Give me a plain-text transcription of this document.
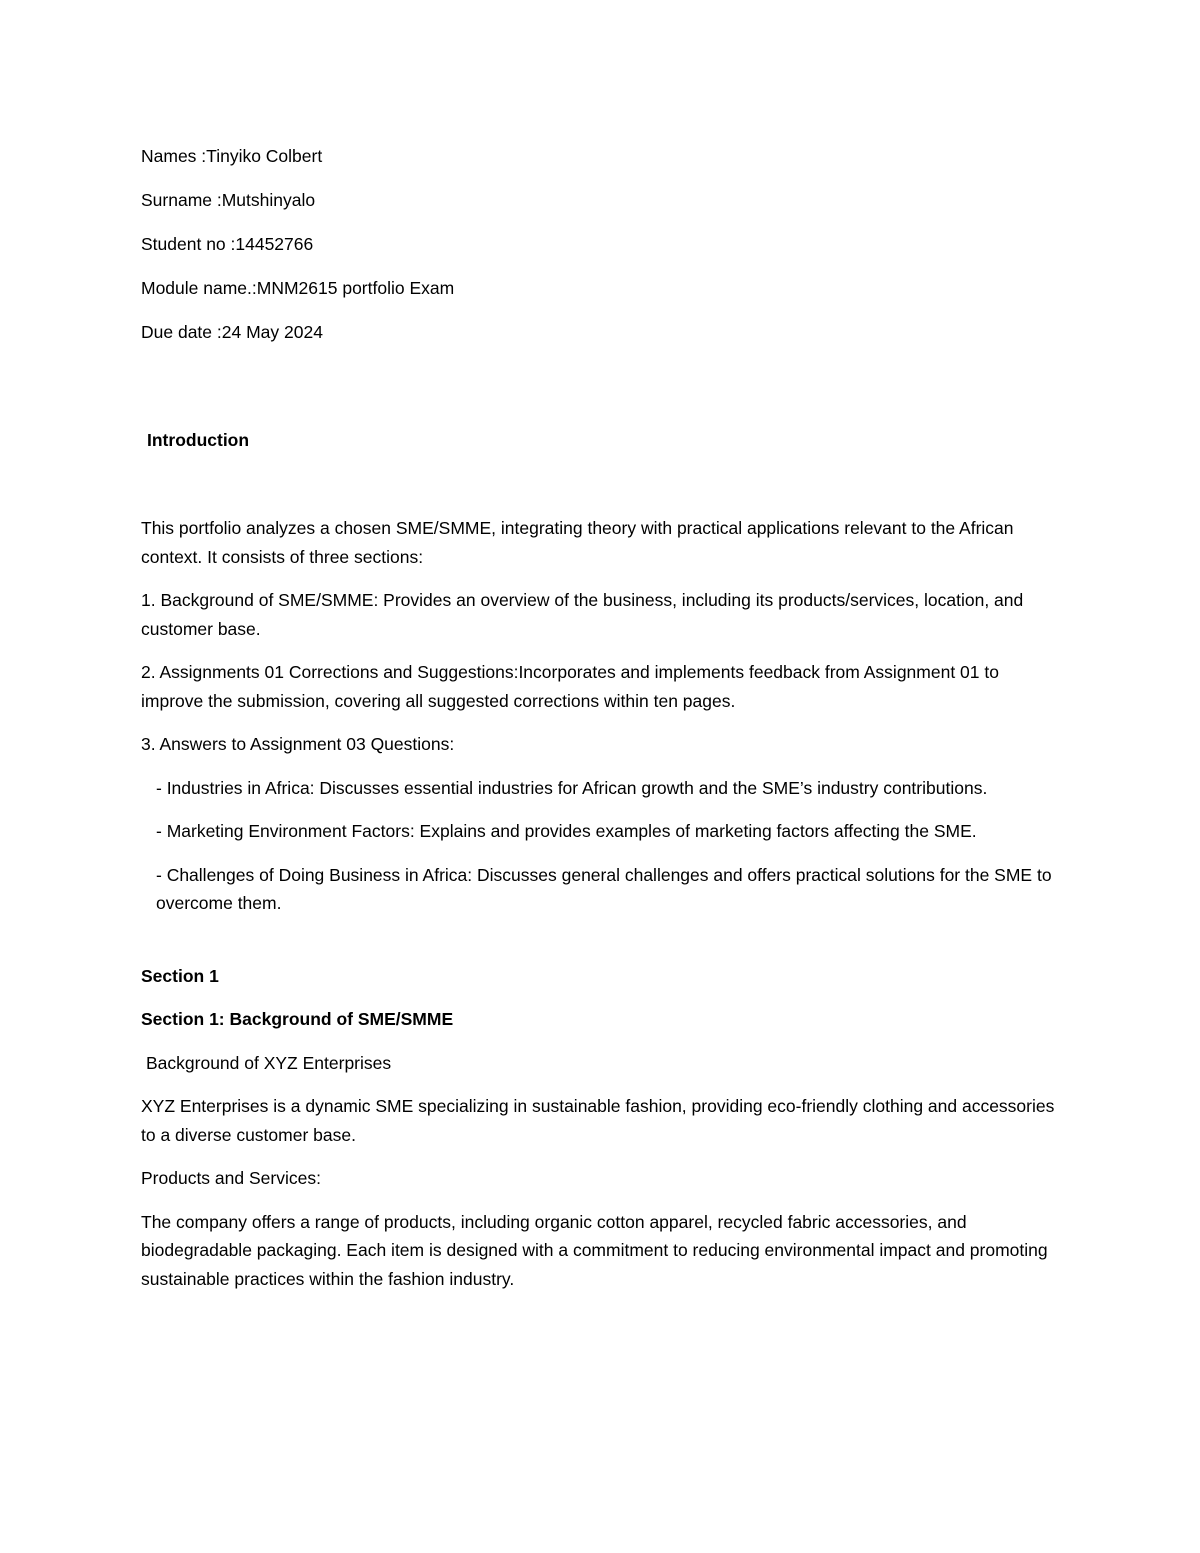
Names :Tinyiko Colbert

Surname :Mutshinyalo

Student no :14452766

Module name.:MNM2615 portfolio Exam

Due date :24 May 2024

Introduction

This portfolio analyzes a chosen SME/SMME, integrating theory with practical applications relevant to the African context. It consists of three sections:

1. Background of SME/SMME: Provides an overview of the business, including its products/services, location, and customer base.

2. Assignments 01 Corrections and Suggestions:Incorporates and implements feedback from Assignment 01 to improve the submission, covering all suggested corrections within ten pages.

3. Answers to Assignment 03 Questions:

- Industries in Africa: Discusses essential industries for African growth and the SME’s industry contributions.

- Marketing Environment Factors: Explains and provides examples of marketing factors affecting the SME.

- Challenges of Doing Business in Africa: Discusses general challenges and offers practical solutions for the SME to overcome them.

Section 1

Section 1: Background of SME/SMME

Background of XYZ Enterprises

XYZ Enterprises is a dynamic SME specializing in sustainable fashion, providing eco-friendly clothing and accessories to a diverse customer base.

Products and Services:

The company offers a range of products, including organic cotton apparel, recycled fabric accessories, and biodegradable packaging. Each item is designed with a commitment to reducing environmental impact and promoting sustainable practices within the fashion industry.
